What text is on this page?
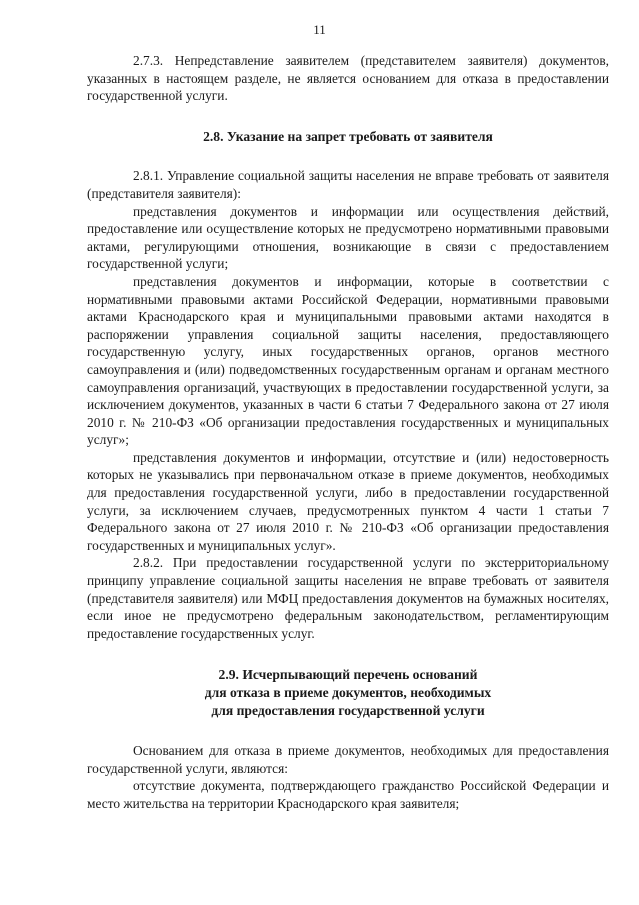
11

2.7.3. Непредставление заявителем (представителем заявителя) документов, указанных в настоящем разделе, не является основанием для отказа в предоставлении государственной услуги.

2.8. Указание на запрет требовать от заявителя

2.8.1. Управление социальной защиты населения не вправе требовать от заявителя (представителя заявителя):

представления документов и информации или осуществления действий, предоставление или осуществление которых не предусмотрено нормативными правовыми актами, регулирующими отношения, возникающие в связи с предоставлением государственной услуги;

представления документов и информации, которые в соответствии с нормативными правовыми актами Российской Федерации, нормативными правовыми актами Краснодарского края и муниципальными правовыми актами находятся в распоряжении управления социальной защиты населения, предоставляющего государственную услугу, иных государственных органов, органов местного самоуправления и (или) подведомственных государственным органам и органам местного самоуправления организаций, участвующих в предоставлении государственной услуги, за исключением документов, указанных в части 6 статьи 7 Федерального закона от 27 июля 2010 г. № 210-ФЗ «Об организации предоставления государственных и муниципальных услуг»;

представления документов и информации, отсутствие и (или) недостоверность которых не указывались при первоначальном отказе в приеме документов, необходимых для предоставления государственной услуги, либо в предоставлении государственной услуги, за исключением случаев, предусмотренных пунктом 4 части 1 статьи 7 Федерального закона от 27 июля 2010 г. № 210-ФЗ «Об организации предоставления государственных и муниципальных услуг».

2.8.2. При предоставлении государственной услуги по экстерриториальному принципу управление социальной защиты населения не вправе требовать от заявителя (представителя заявителя) или МФЦ предоставления документов на бумажных носителях, если иное не предусмотрено федеральным законодательством, регламентирующим предоставление государственных услуг.

2.9. Исчерпывающий перечень оснований
для отказа в приеме документов, необходимых
для предоставления государственной услуги

Основанием для отказа в приеме документов, необходимых для предоставления государственной услуги, являются:

отсутствие документа, подтверждающего гражданство Российской Федерации и место жительства на территории Краснодарского края заявителя;
